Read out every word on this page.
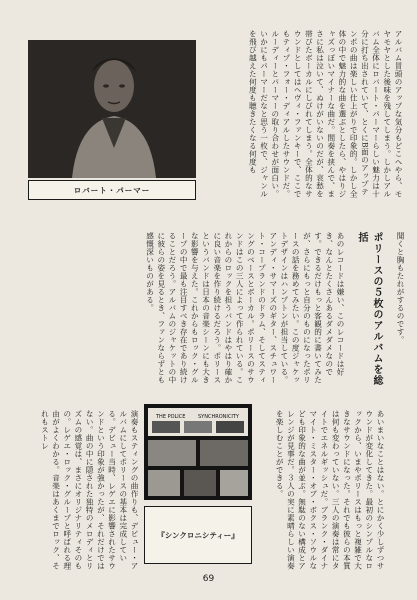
ロバート・パーマー	アルバム冒頭のアップな気分もどこへやら、モヤモヤとした後味を残してしまう。しかしアルバム全体にロバート・パーマーらしい魅力は十分に打ち出されていて、とくにB面のアップテンポの曲は楽しい仕上がりで印象的。しかし全体の中で魅力的な曲を選ぶとしたら、やはりジャズっぽいマイナーな曲だ。間奏を挟んで、まさに私は泣いて、ぬけがいないのだが、哀愁を帯びたボーカルにしびれてしまう。全体的なサウンドとしてはヘヴィ・ファンキーで、ここでもティプ・フォー・ディアルしたサウンドだ。ルーディーとパーマーの取り合わせが面白い。いかにもパーマーだなと思う一枚で、ジャンルを飛び越えた何度も聴きたくなる何度も
聞くと胸もたれがするのです。
ポリースの５枚のアルバムを総括
あのレコードは嫌い、このレコードは好き、なんとたくさんあるダメダメなのです。できるだけもっと客観的に書いてみたが、さらにもっと自分のものになったポリースの話を務めてみたい。この度ジャケットデザインはハンプトンが担当している。アンディ・サマーズのギター、スチュワート・コープランドのドラム、そしてスティングのベースとボーカル。ポリースのサウンドはこの三人によって作られている。これからのロックを担うバンドはやはり確かに良い音楽を作り続けるだろう。ポリースというバンドは日本の音楽シーンにも大きな影響を与えた。これからもロック・グループの中で最も注目すべき存在であり続けることだろう。アルバムのジャケットの中に彼らの姿を見るとき、ファンならずとも感慨深いものがある。
あいまいなことはない。とにかく少しずつサウンドが変化してきた。最初のシンプルなロックから、いまやポリースはもっと複雑で大きなサウンドになった。それでも彼らの本質は何も変わっていない。三人の演奏は常にタイトでエネルギッシュだ。ブランク・ダイナマイト・ミスター・オブ・ボクス・ソウルなども印象的な曲が並ぶ。無駄のない構成とアレンジが見事だ。３人の実に素晴らしい演奏を楽しむことができる。
THE POLICE	SYNCHRONICITY
『シンクロニシティー』
演奏もスティングの曲作りも、デビュー・アルバムにしてポリースの基本は完成している。デビュー当時、レゲエに影響されたサウンドという印象が強かったが、それだけではない。曲の中に隠された独特のメロディとリズムの感覚は、まさにオリジナリティそのもの。レゲエ・ロック・グループと呼ばれる理由がよくわかる。音楽はあくまでロック、それもストレ
69
